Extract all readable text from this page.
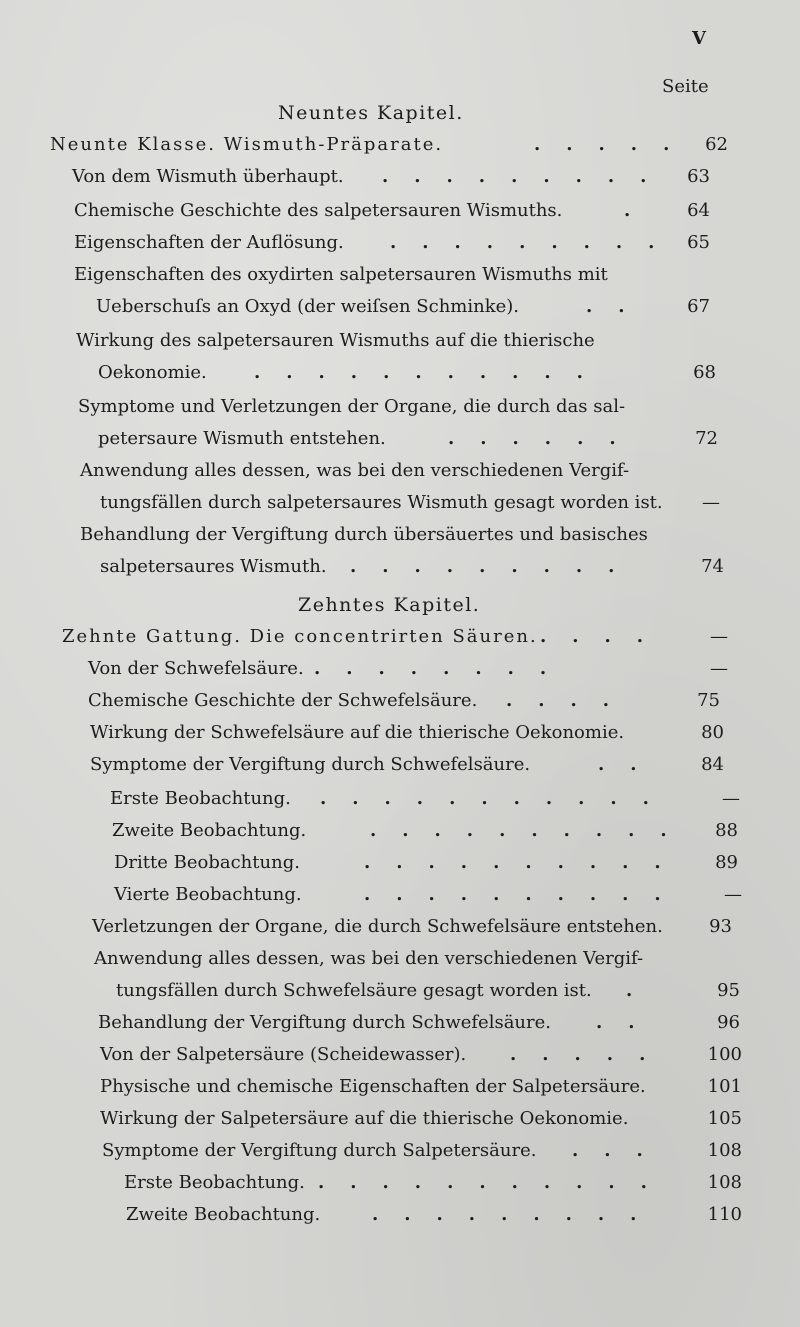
V
Seite
Neuntes Kapitel.
Neunte Klasse. Wismuth-Präparate.	..... 62
Von dem Wismuth überhaupt. ......... 63
Chemische Geschichte des salpetersauren Wismuths.	.	64
Eigenschaften der Auflösung.	......... 65
Eigenschaften des oxydirten salpetersauren Wismuths mit
Ueberschuſs an Oxyd (der weiſsen Schminke).	..	67
Wirkung des salpetersauren Wismuths auf die thierische
Oekonomie.	...........	68
Symptome und Verletzungen der Organe, die durch das sal-
petersaure Wismuth entstehen.	......	72
Anwendung alles dessen, was bei den verschiedenen Vergif-
tungsfällen durch salpetersaures Wismuth gesagt worden ist.	—
Behandlung der Vergiftung durch übersäuertes und basisches
salpetersaures Wismuth. .........	74
Zehntes Kapitel.
Zehnte Gattung. Die concentrirten Säuren. ....	—
Von der Schwefelsäure. ........	—
Chemische Geschichte der Schwefelsäure. ....	75
Wirkung der Schwefelsäure auf die thierische Oekonomie.	80
Symptome der Vergiftung durch Schwefelsäure.	..	84
Erste Beobachtung. ...........	—
Zweite Beobachtung.	..........	88
Dritte Beobachtung.	..........	89
Vierte Beobachtung.	..........	—
Verletzungen der Organe, die durch Schwefelsäure entstehen.	93
Anwendung alles dessen, was bei den verschiedenen Vergif-
tungsfällen durch Schwefelsäure gesagt worden ist. .	95
Behandlung der Vergiftung durch Schwefelsäure. ..	96
Von der Salpetersäure (Scheidewasser). .....	100
Physische und chemische Eigenschaften der Salpetersäure.	101
Wirkung der Salpetersäure auf die thierische Oekonomie.	105
Symptome der Vergiftung durch Salpetersäure. ...	108
Erste Beobachtung. ...........	108
Zweite Beobachtung.	.........	110
